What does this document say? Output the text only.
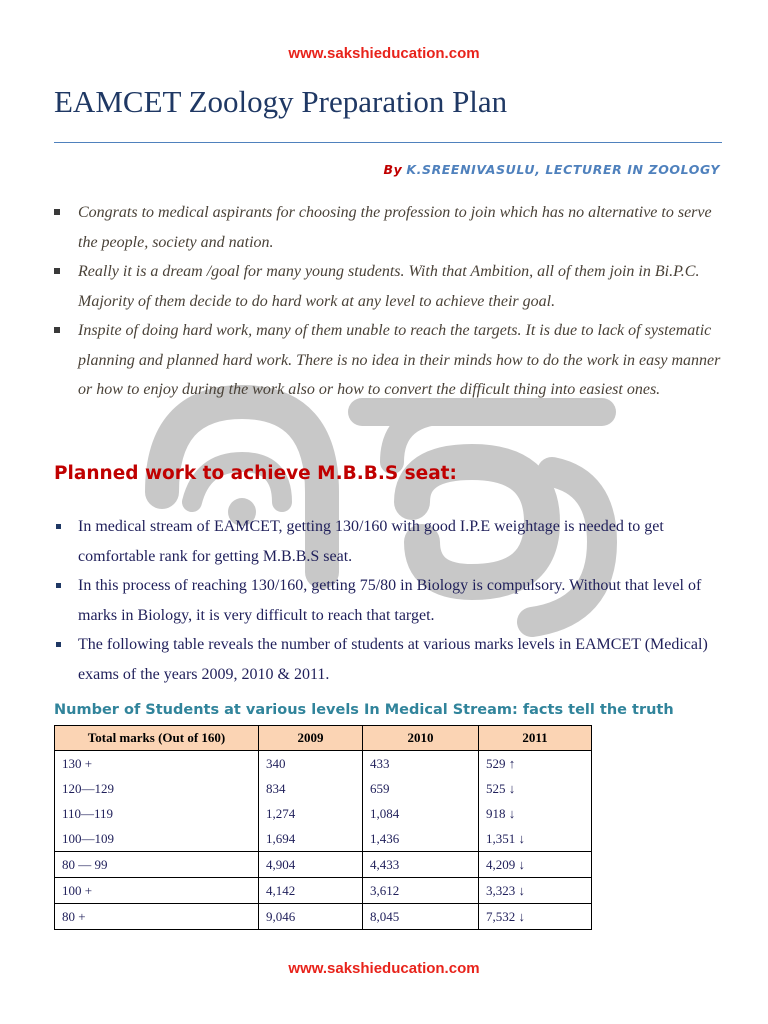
www.sakshieducation.com
EAMCET Zoology Preparation Plan
By K.SREENIVASULU, LECTURER IN ZOOLOGY
Congrats to medical aspirants for choosing the profession to join which has no alternative to serve the people, society and nation.
Really it is a dream /goal for many young students. With that Ambition, all of them join in Bi.P.C. Majority of them decide to do hard work at any level to achieve their goal.
Inspite of doing hard work, many of them unable to reach the targets. It is due to lack of systematic planning and planned hard work. There is no idea in their minds how to do the work in easy manner or how to enjoy during the work also or how to convert the difficult thing into easiest ones.
Planned work to achieve M.B.B.S seat:
In medical stream of EAMCET, getting 130/160 with good I.P.E weightage is needed to get comfortable rank for getting M.B.B.S seat.
In this process of reaching 130/160, getting 75/80 in Biology is compulsory. Without that level of marks in Biology, it is very difficult to reach that target.
The following table reveals the number of students at various marks levels in EAMCET (Medical) exams of the years 2009, 2010 & 2011.
Number of Students at various levels In Medical Stream: facts tell the truth
Total marks (Out of 160)	2009	2010	2011
130 +	340	433	529 ↑
120—129	834	659	525 ↓
110—119	1,274	1,084	918 ↓
100—109	1,694	1,436	1,351 ↓
80 — 99	4,904	4,433	4,209 ↓
100 +	4,142	3,612	3,323 ↓
80 +	9,046	8,045	7,532 ↓
www.sakshieducation.com
